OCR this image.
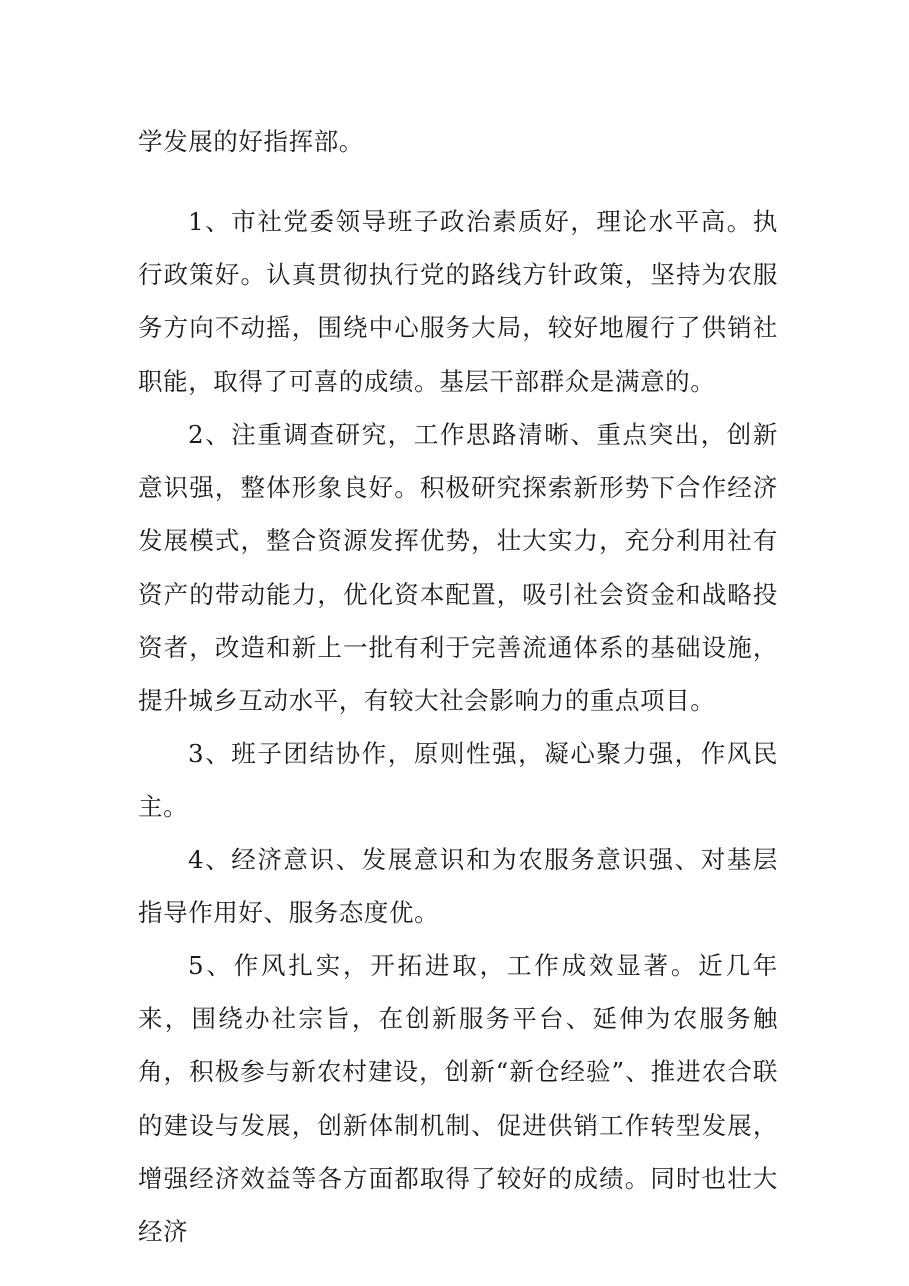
学发展的好指挥部。

1、市社党委领导班子政治素质好，理论水平高。执行政策好。认真贯彻执行党的路线方针政策，坚持为农服务方向不动摇，围绕中心服务大局，较好地履行了供销社职能，取得了可喜的成绩。基层干部群众是满意的。

2、注重调查研究，工作思路清晰、重点突出，创新意识强，整体形象良好。积极研究探索新形势下合作经济发展模式，整合资源发挥优势，壮大实力，充分利用社有资产的带动能力，优化资本配置，吸引社会资金和战略投资者，改造和新上一批有利于完善流通体系的基础设施，提升城乡互动水平，有较大社会影响力的重点项目。

3、班子团结协作，原则性强，凝心聚力强，作风民主。

4、经济意识、发展意识和为农服务意识强、对基层指导作用好、服务态度优。

5、作风扎实，开拓进取，工作成效显著。近几年来，围绕办社宗旨，在创新服务平台、延伸为农服务触角，积极参与新农村建设，创新“新仓经验”、推进农合联的建设与发展，创新体制机制、促进供销工作转型发展，增强经济效益等各方面都取得了较好的成绩。同时也壮大经济
